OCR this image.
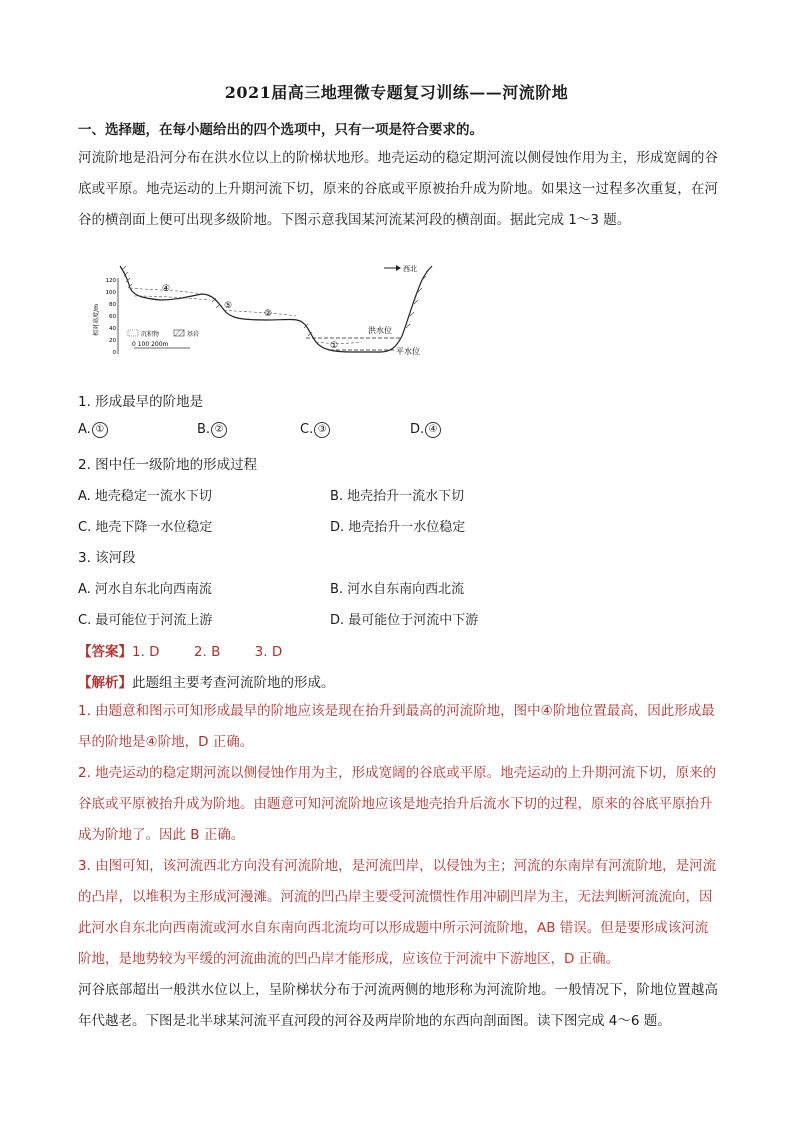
2021届高三地理微专题复习训练——河流阶地
一、选择题，在每小题给出的四个选项中，只有一项是符合要求的。
河流阶地是沿河分布在洪水位以上的阶梯状地形。地壳运动的稳定期河流以侧侵蚀作用为主，形成宽阔的谷底或平原。地壳运动的上升期河流下切，原来的谷底或平原被抬升成为阶地。如果这一过程多次重复，在河谷的横剖面上便可出现多级阶地。下图示意我国某河流某河段的横剖面。据此完成 1～3 题。
相对高度/m
120
100
80
60
40
20
0
洪水位
平水位
④
⑤
②
①
西北
沉积物	基岩
0 100 200m
1. 形成最早的阶地是
A. ①	B. ②	C. ③	D. ④
2. 图中任一级阶地的形成过程
A. 地壳稳定一流水下切	B. 地壳抬升一流水下切
C. 地壳下降一水位稳定	D. 地壳抬升一水位稳定
3. 该河段
A. 河水自东北向西南流	B. 河水自东南向西北流
C. 最可能位于河流上游	D. 最可能位于河流中下游
【答案】1. D        2. B        3. D
【解析】此题组主要考查河流阶地的形成。
1. 由题意和图示可知形成最早的阶地应该是现在抬升到最高的河流阶地，图中④阶地位置最高，因此形成最早的阶地是④阶地，D 正确。
2. 地壳运动的稳定期河流以侧侵蚀作用为主，形成宽阔的谷底或平原。地壳运动的上升期河流下切，原来的谷底或平原被抬升成为阶地。由题意可知河流阶地应该是地壳抬升后流水下切的过程，原来的谷底平原抬升成为阶地了。因此 B 正确。
3. 由图可知，该河流西北方向没有河流阶地，是河流凹岸，以侵蚀为主；河流的东南岸有河流阶地，是河流的凸岸，以堆积为主形成河漫滩。河流的凹凸岸主要受河流惯性作用冲刷凹岸为主，无法判断河流流向，因此河水自东北向西南流或河水自东南向西北流均可以形成题中所示河流阶地，AB 错误。但是要形成该河流阶地，是地势较为平缓的河流曲流的凹凸岸才能形成，应该位于河流中下游地区，D 正确。
河谷底部超出一般洪水位以上，呈阶梯状分布于河流两侧的地形称为河流阶地。一般情况下，阶地位置越高年代越老。下图是北半球某河流平直河段的河谷及两岸阶地的东西向剖面图。读下图完成 4～6 题。
